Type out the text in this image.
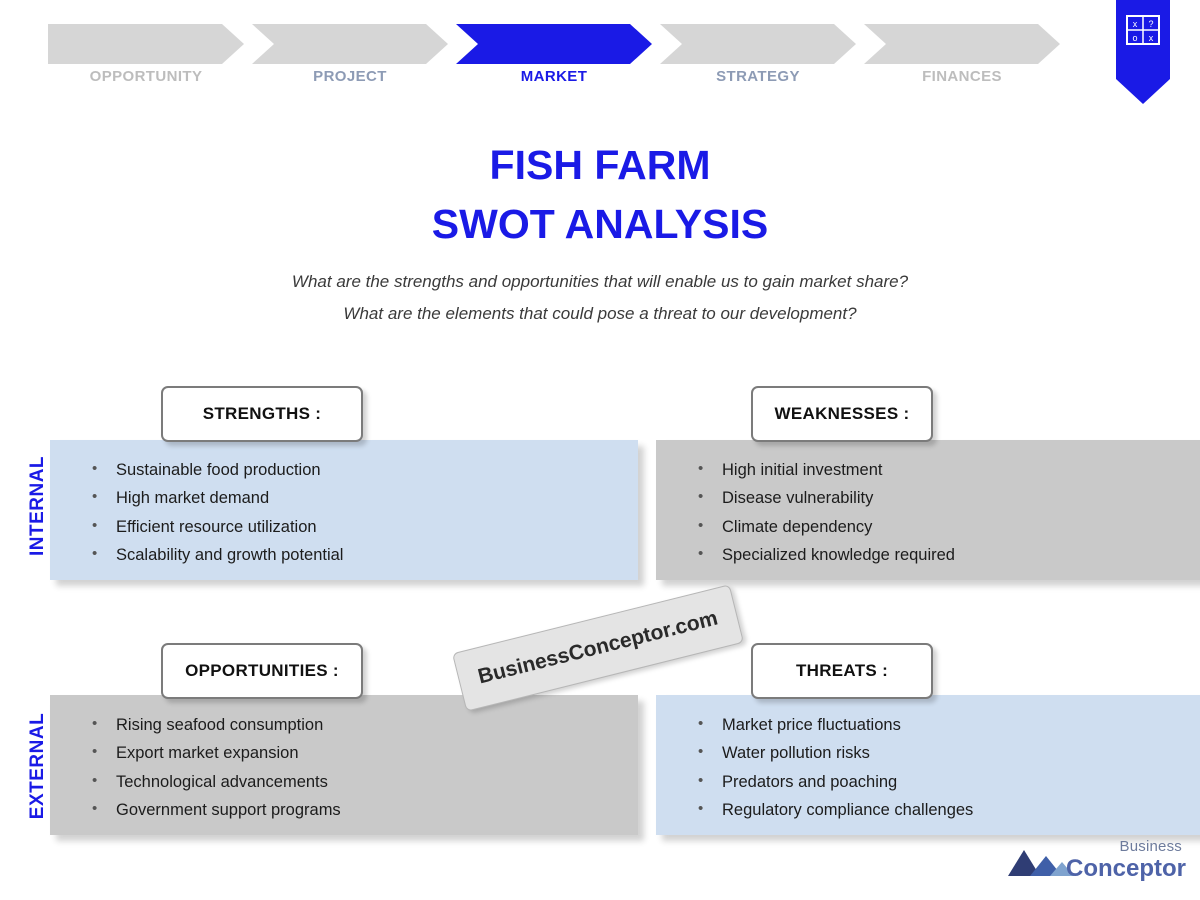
OPPORTUNITY	PROJECT	MARKET	STRATEGY	FINANCES
x ?
o x
FISH FARM
SWOT ANALYSIS
What are the strengths and opportunities that will enable us to gain market share?
What are the elements that could pose a threat to our development?
INTERNAL
EXTERNAL
• Sustainable food production
• High market demand
• Efficient resource utilization
• Scalability and growth potential
• High initial investment
• Disease vulnerability
• Climate dependency
• Specialized knowledge required
• Rising seafood consumption
• Export market expansion
• Technological advancements
• Government support programs
• Market price fluctuations
• Water pollution risks
• Predators and poaching
• Regulatory compliance challenges
STRENGTHS :	WEAKNESSES :
OPPORTUNITIES :	THREATS :
BusinessConceptor.com
Business
Conceptor
